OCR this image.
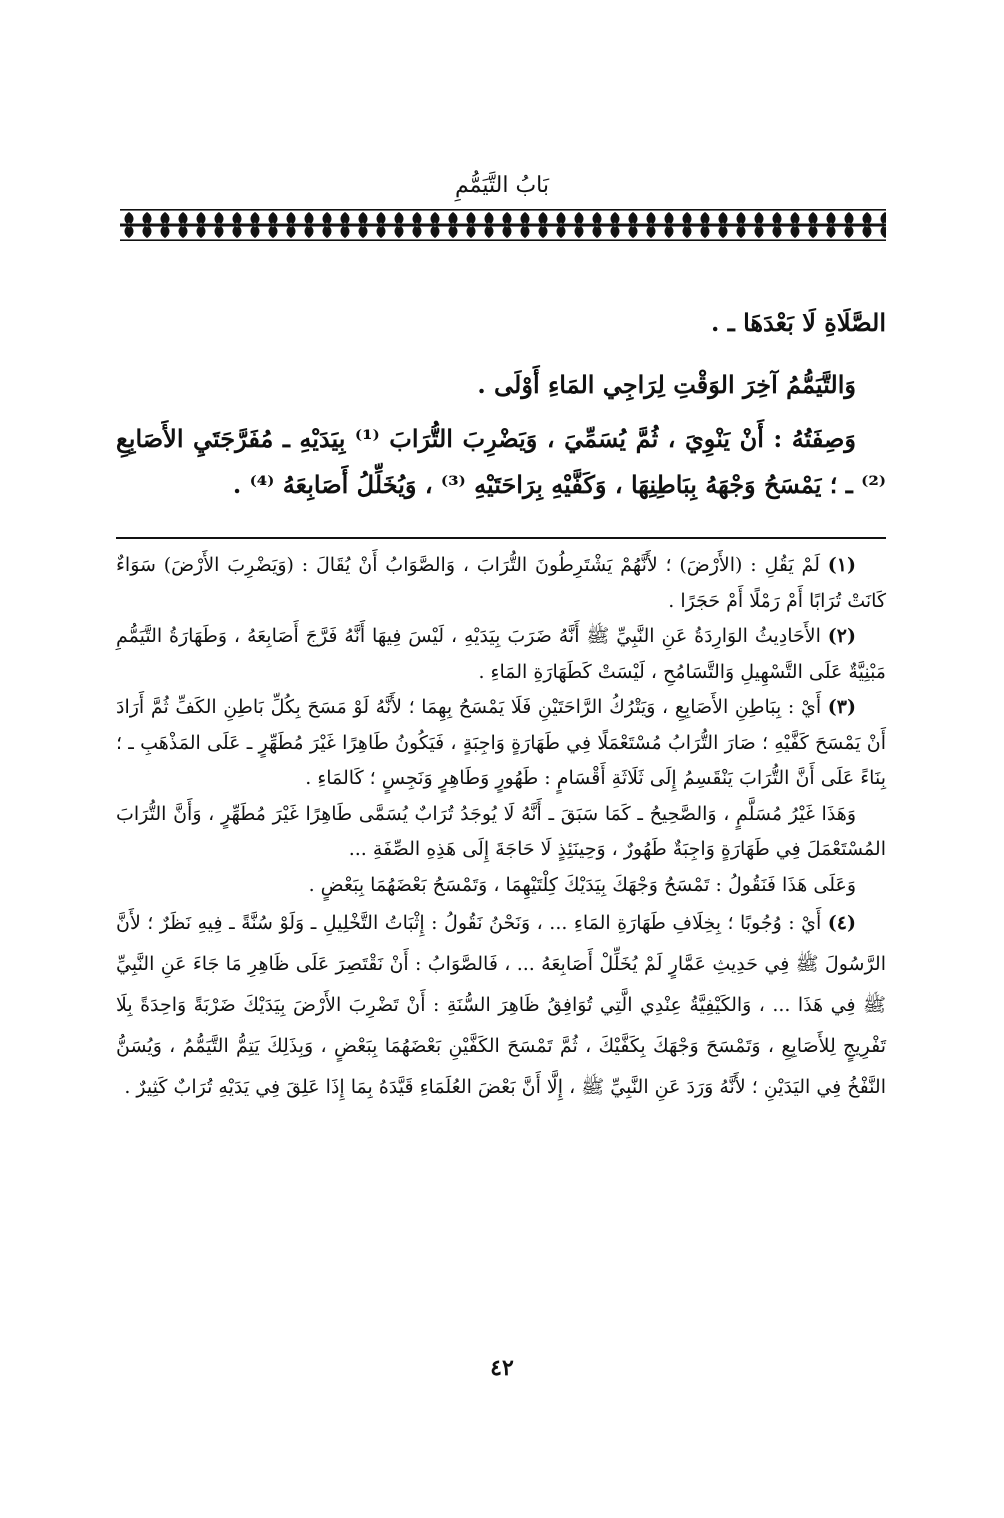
بَابُ التَّيَمُّمِ

الصَّلَاةِ لَا بَعْدَهَا ـ .

وَالتَّيَمُّمُ آخِرَ الوَقْتِ لِرَاجِي المَاءِ أَوْلَى .

وَصِفَتُهُ : أَنْ يَنْوِيَ ، ثُمَّ يُسَمِّيَ ، وَيَضْرِبَ التُّرَابَ ⁽¹⁾ بِيَدَيْهِ ـ مُفَرَّجَتَيِ الأَصَابِعِ ⁽²⁾ ـ ؛ يَمْسَحُ وَجْهَهُ بِبَاطِنِهَا ، وَكَفَّيْهِ بِرَاحَتَيْهِ ⁽³⁾ ، وَيُخَلِّلُ أَصَابِعَهُ ⁽⁴⁾ .

(١) لَمْ يَقُلِ : (الأَرْضَ) ؛ لأَنَّهُمْ يَشْتَرِطُونَ التُّرَابَ ، وَالصَّوَابُ أَنْ يُقَالَ : (وَيَضْرِبَ الأَرْضَ) سَوَاءٌ كَانَتْ تُرَابًا أَمْ رَمْلًا أَمْ حَجَرًا .

(٢) الأَحَادِيثُ الوَارِدَةُ عَنِ النَّبِيِّ ﷺ أَنَّهُ ضَرَبَ بِيَدَيْهِ ، لَيْسَ فِيهَا أَنَّهُ فَرَّجَ أَصَابِعَهُ ، وَطَهَارَةُ التَّيَمُّمِ مَبْنِيَّةٌ عَلَى التَّسْهِيلِ وَالتَّسَامُحِ ، لَيْسَتْ كَطَهَارَةِ المَاءِ .

(٣) أَيْ : بِبَاطِنِ الأَصَابِعِ ، وَيَتْرُكُ الرَّاحَتَيْنِ فَلَا يَمْسَحُ بِهِمَا ؛ لأَنَّهُ لَوْ مَسَحَ بِكُلِّ بَاطِنِ الكَفِّ ثُمَّ أَرَادَ أَنْ يَمْسَحَ كَفَّيْهِ ؛ صَارَ التُّرَابُ مُسْتَعْمَلًا فِي طَهَارَةٍ وَاجِبَةٍ ، فَيَكُونُ طَاهِرًا غَيْرَ مُطَهِّرٍ ـ عَلَى المَذْهَبِ ـ ؛ بِنَاءً عَلَى أَنَّ التُّرَابَ يَنْقَسِمُ إِلَى ثَلَاثَةِ أَقْسَامٍ : طَهُورٍ وَطَاهِرٍ وَنَجِسٍ ؛ كَالمَاءِ .

وَهَذَا غَيْرُ مُسَلَّمٍ ، وَالصَّحِيحُ ـ كَمَا سَبَقَ ـ أَنَّهُ لَا يُوجَدُ تُرَابٌ يُسَمَّى طَاهِرًا غَيْرَ مُطَهِّرٍ ، وَأَنَّ التُّرَابَ المُسْتَعْمَلَ فِي طَهَارَةٍ وَاجِبَةٌ طَهُورٌ ، وَحِينَئِذٍ لَا حَاجَةَ إِلَى هَذِهِ الصِّفَةِ ...

وَعَلَى هَذَا فَنَقُولُ : تَمْسَحُ وَجْهَكَ بِيَدَيْكَ كِلْتَيْهِمَا ، وَتَمْسَحُ بَعْضَهُمَا بِبَعْضٍ .

(٤) أَيْ : وُجُوبًا ؛ بِخِلَافِ طَهَارَةِ المَاءِ ... ، وَنَحْنُ نَقُولُ : إِثْبَاتُ التَّخْلِيلِ ـ وَلَوْ سُنَّةً ـ فِيهِ نَظَرٌ ؛ لأَنَّ الرَّسُولَ ﷺ فِي حَدِيثِ عَمَّارٍ لَمْ يُخَلِّلْ أَصَابِعَهُ ... ، فَالصَّوَابُ : أَنْ نَقْتَصِرَ عَلَى ظَاهِرِ مَا جَاءَ عَنِ النَّبِيِّ ﷺ فِي هَذَا ... ، وَالكَيْفِيَّةُ عِنْدِي الَّتِي تُوَافِقُ ظَاهِرَ السُّنَةِ : أَنْ تَضْرِبَ الأَرْضَ بِيَدَيْكَ ضَرْبَةً وَاحِدَةً بِلَا تَفْرِيجٍ لِلأَصَابِعِ ، وَتَمْسَحَ وَجْهَكَ بِكَفَّيْكَ ، ثُمَّ تَمْسَحَ الكَفَّيْنِ بَعْضَهُمَا بِبَعْضٍ ، وَبِذَلِكَ يَتِمُّ التَّيَمُّمُ ، وَيُسَنُّ النَّفْخُ فِي اليَدَيْنِ ؛ لأَنَّهُ وَرَدَ عَنِ النَّبِيِّ ﷺ ، إِلَّا أَنَّ بَعْضَ العُلَمَاءِ قَيَّدَهُ بِمَا إِذَا عَلِقَ فِي يَدَيْهِ تُرَابٌ كَثِيرٌ .

٤٢
